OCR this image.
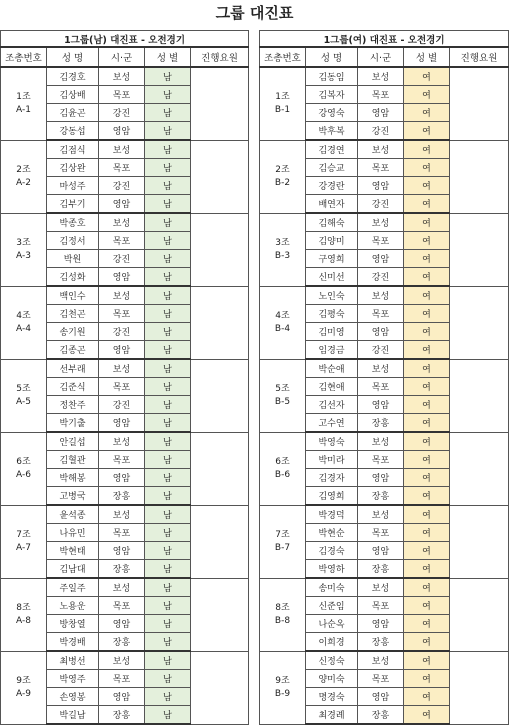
그룹 대진표
1그룹(남) 대진표 - 오전경기				
조총번호	성 명	시·군	성 별	진행요원

1조
A-1	김경호	보성	남	
	김상배	목포	남	
	김윤곤	강진	남	
	강동섭	영암	남	

2조
A-2	김점식	보성	남	
	김상완	목포	남	
	마성주	강진	남	
	김부기	영암	남	

3조
A-3	박종호	보성	남	
	김정서	목포	남	
	박원	강진	남	
	김성화	영암	남	

4조
A-4	백인수	보성	남	
	김천곤	목포	남	
	송기원	강진	남	
	김종곤	영암	남	

5조
A-5	선부래	보성	남	
	김준식	목포	남	
	정찬주	강진	남	
	박기출	영암	남	

6조
A-6	안길섭	보성	남	
	김혈관	목포	남	
	박해봉	영암	남	
	고병국	장흥	남	

7조
A-7	윤석종	보성	남	
	나유민	목포	남	
	박현태	영암	남	
	김남대	장흥	남	

8조
A-8	주일주	보성	남	
	노용운	목포	남	
	방창열	영암	남	
	박경배	장흥	남	

9조
A-9	최병선	보성	남	
	박영주	목포	남	
	손영봉	영암	남	
	박길남	장흥	남	
1그룹(여) 대진표 - 오전경기				
조총번호	성 명	시·군	성 별	진행요원

1조
B-1	김동임	보성	여	
	김복자	목포	여	
	강영숙	영암	여	
	박후복	강진	여	

2조
B-2	김경연	보성	여	
	김승교	목포	여	
	강경란	영암	여	
	배연자	강진	여	

3조
B-3	김해숙	보성	여	
	김양미	목포	여	
	구영희	영암	여	
	신미선	강진	여	

4조
B-4	노인숙	보성	여	
	김평숙	목포	여	
	김미영	영암	여	
	임경금	강진	여	

5조
B-5	박순애	보성	여	
	김현애	목포	여	
	김선자	영암	여	
	고수연	장흥	여	

6조
B-6	박영숙	보성	여	
	박미라	목포	여	
	김경자	영암	여	
	김영희	장흥	여	

7조
B-7	박경덕	보성	여	
	박현순	목포	여	
	김경숙	영암	여	
	박영하	장흥	여	

8조
B-8	송미숙	보성	여	
	신준임	목포	여	
	나순옥	영암	여	
	이희경	장흥	여	

9조
B-9	신정숙	보성	여	
	양미숙	목포	여	
	명경숙	영암	여	
	최경례	장흥	여	
